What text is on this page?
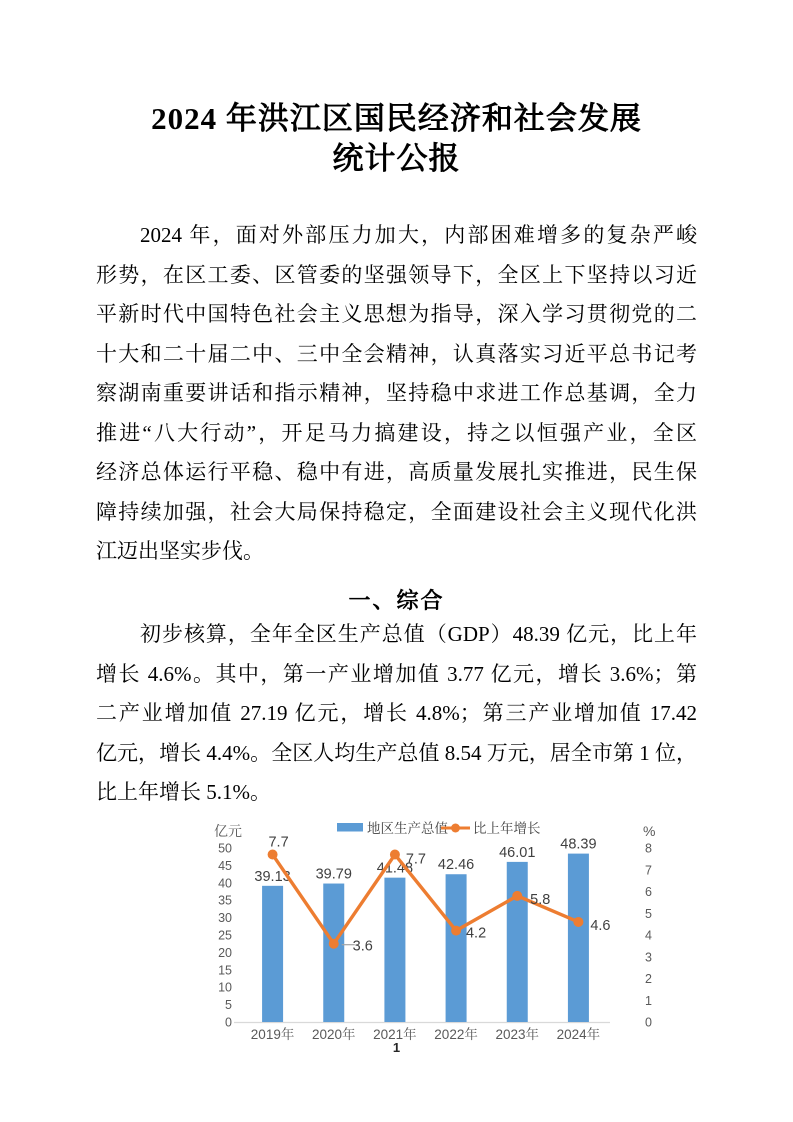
2024 年洪江区国民经济和社会发展
统计公报
2024 年，面对外部压力加大，内部困难增多的复杂严峻
形势，在区工委、区管委的坚强领导下，全区上下坚持以习近
平新时代中国特色社会主义思想为指导，深入学习贯彻党的二
十大和二十届二中、三中全会精神，认真落实习近平总书记考
察湖南重要讲话和指示精神，坚持稳中求进工作总基调，全力
推进“八大行动”，开足马力搞建设，持之以恒强产业，全区
经济总体运行平稳、稳中有进，高质量发展扎实推进，民生保
障持续加强，社会大局保持稳定，全面建设社会主义现代化洪
江迈出坚实步伐。
一、综合
初步核算，全年全区生产总值（GDP）48.39 亿元，比上年
增长 4.6%。其中，第一产业增加值 3.77 亿元，增长 3.6%；第
二产业增加值 27.19 亿元，增长 4.8%；第三产业增加值 17.42
亿元，增长 4.4%。全区人均生产总值 8.54 万元，居全市第 1 位，
比上年增长 5.1%。
地区生产总值 比上年增长
亿元	%
0
5
10
15
20
25
30
35
40
45
50
0
1
2
3
4
5
6
7
8
39.13 39.79 41.48 42.46
46.01
48.39
2019年 2020年 2021年 2022年 2023年 2024年
7.7
3.6
7.7
4.2
5.8
4.6
1
